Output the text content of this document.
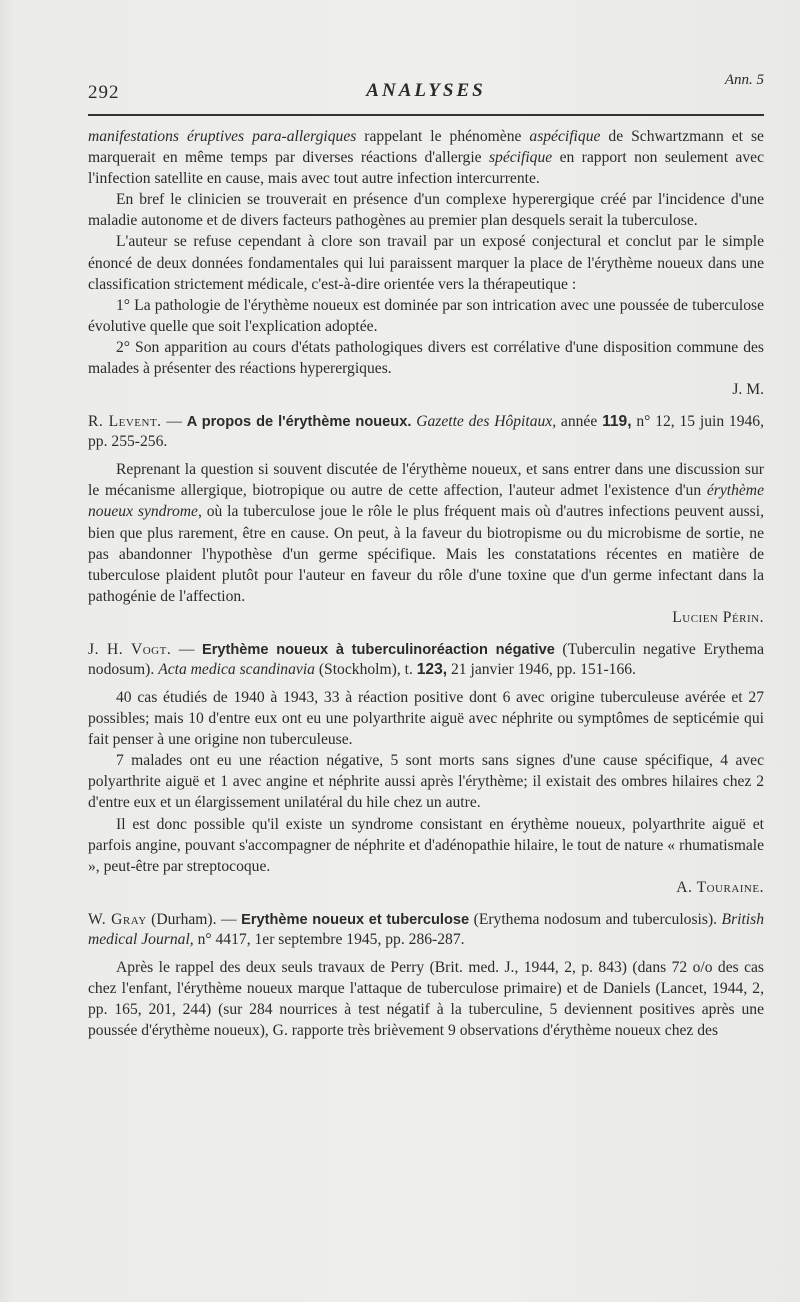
292	ANALYSES	Ann. 5

manifestations éruptives para-allergiques rappelant le phénomène aspécifique de Schwartzmann et se marquerait en même temps par diverses réactions d'allergie spécifique en rapport non seulement avec l'infection satellite en cause, mais avec tout autre infection intercurrente.

En bref le clinicien se trouverait en présence d'un complexe hyperergique créé par l'incidence d'une maladie autonome et de divers facteurs pathogènes au premier plan desquels serait la tuberculose.

L'auteur se refuse cependant à clore son travail par un exposé conjectural et conclut par le simple énoncé de deux données fondamentales qui lui paraissent marquer la place de l'érythème noueux dans une classification strictement médicale, c'est-à-dire orientée vers la thérapeutique :

1° La pathologie de l'érythème noueux est dominée par son intrication avec une poussée de tuberculose évolutive quelle que soit l'explication adoptée.

2° Son apparition au cours d'états pathologiques divers est corrélative d'une disposition commune des malades à présenter des réactions hyperergiques.

J. M.

R. Levent. — A propos de l'érythème noueux. Gazette des Hôpitaux, année 119, n° 12, 15 juin 1946, pp. 255-256.

Reprenant la question si souvent discutée de l'érythème noueux, et sans entrer dans une discussion sur le mécanisme allergique, biotropique ou autre de cette affection, l'auteur admet l'existence d'un érythème noueux syndrome, où la tuberculose joue le rôle le plus fréquent mais où d'autres infections peuvent aussi, bien que plus rarement, être en cause. On peut, à la faveur du biotropisme ou du microbisme de sortie, ne pas abandonner l'hypothèse d'un germe spécifique. Mais les constatations récentes en matière de tuberculose plaident plutôt pour l'auteur en faveur du rôle d'une toxine que d'un germe infectant dans la pathogénie de l'affection.

Lucien Périn.

J. H. Vogt. — Erythème noueux à tuberculinoréaction négative (Tuberculin negative Erythema nodosum). Acta medica scandinavia (Stockholm), t. 123, 21 janvier 1946, pp. 151-166.

40 cas étudiés de 1940 à 1943, 33 à réaction positive dont 6 avec origine tuberculeuse avérée et 27 possibles; mais 10 d'entre eux ont eu une polyarthrite aiguë avec néphrite ou symptômes de septicémie qui fait penser à une origine non tuberculeuse.

7 malades ont eu une réaction négative, 5 sont morts sans signes d'une cause spécifique, 4 avec polyarthrite aiguë et 1 avec angine et néphrite aussi après l'érythème; il existait des ombres hilaires chez 2 d'entre eux et un élargissement unilatéral du hile chez un autre.

Il est donc possible qu'il existe un syndrome consistant en érythème noueux, polyarthrite aiguë et parfois angine, pouvant s'accompagner de néphrite et d'adénopathie hilaire, le tout de nature « rhumatismale », peut-être par streptocoque.

A. Touraine.

W. Gray (Durham). — Erythème noueux et tuberculose (Erythema nodosum and tuberculosis). British medical Journal, n° 4417, 1er septembre 1945, pp. 286-287.

Après le rappel des deux seuls travaux de Perry (Brit. med. J., 1944, 2, p. 843) (dans 72 o/o des cas chez l'enfant, l'érythème noueux marque l'attaque de tuberculose primaire) et de Daniels (Lancet, 1944, 2, pp. 165, 201, 244) (sur 284 nourrices à test négatif à la tuberculine, 5 deviennent positives après une poussée d'érythème noueux), G. rapporte très brièvement 9 observations d'érythème noueux chez des
